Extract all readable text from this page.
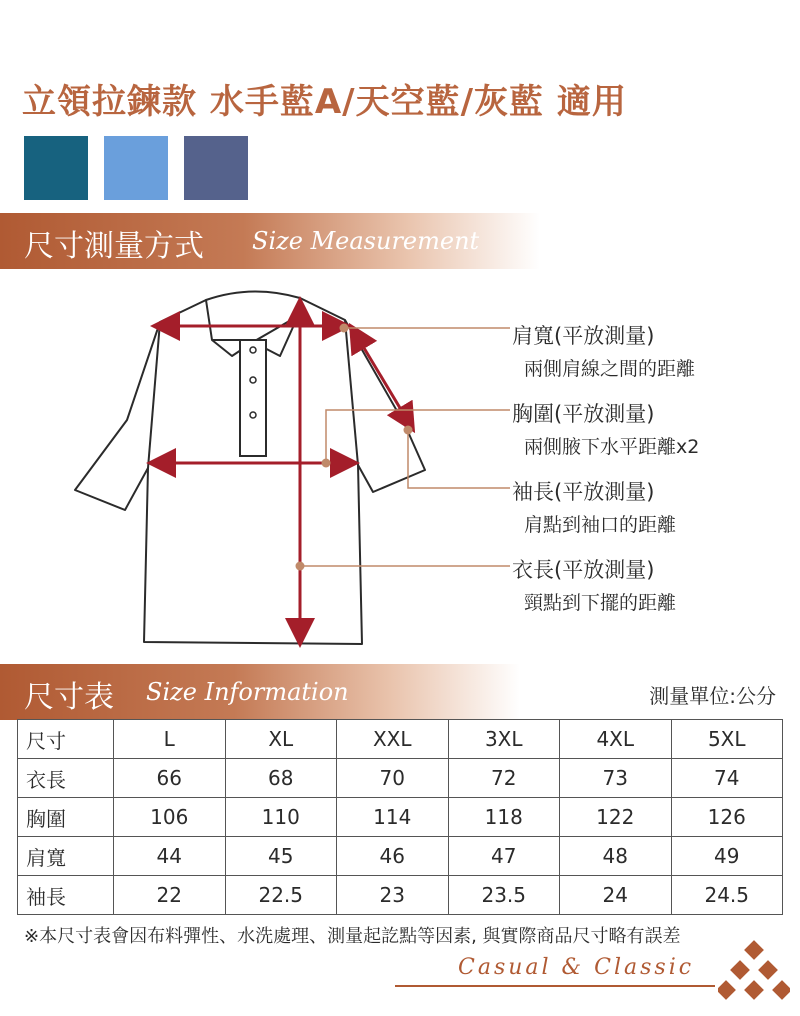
立領拉鍊款 水手藍A/天空藍/灰藍 適用
尺寸測量方式 Size Measurement
肩寬(平放測量)
兩側肩線之間的距離
胸圍(平放測量)
兩側腋下水平距離x2
袖長(平放測量)
肩點到袖口的距離
衣長(平放測量)
頸點到下擺的距離
尺寸表 Size Information	測量單位:公分
尺寸	L	XL	XXL	3XL	4XL	5XL
衣長	66	68	70	72	73	74
胸圍	106	110	114	118	122	126
肩寬	44	45	46	47	48	49
袖長	22	22.5	23	23.5	24	24.5
※本尺寸表會因布料彈性、水洗處理、測量起訖點等因素, 與實際商品尺寸略有誤差
Casual & Classic
